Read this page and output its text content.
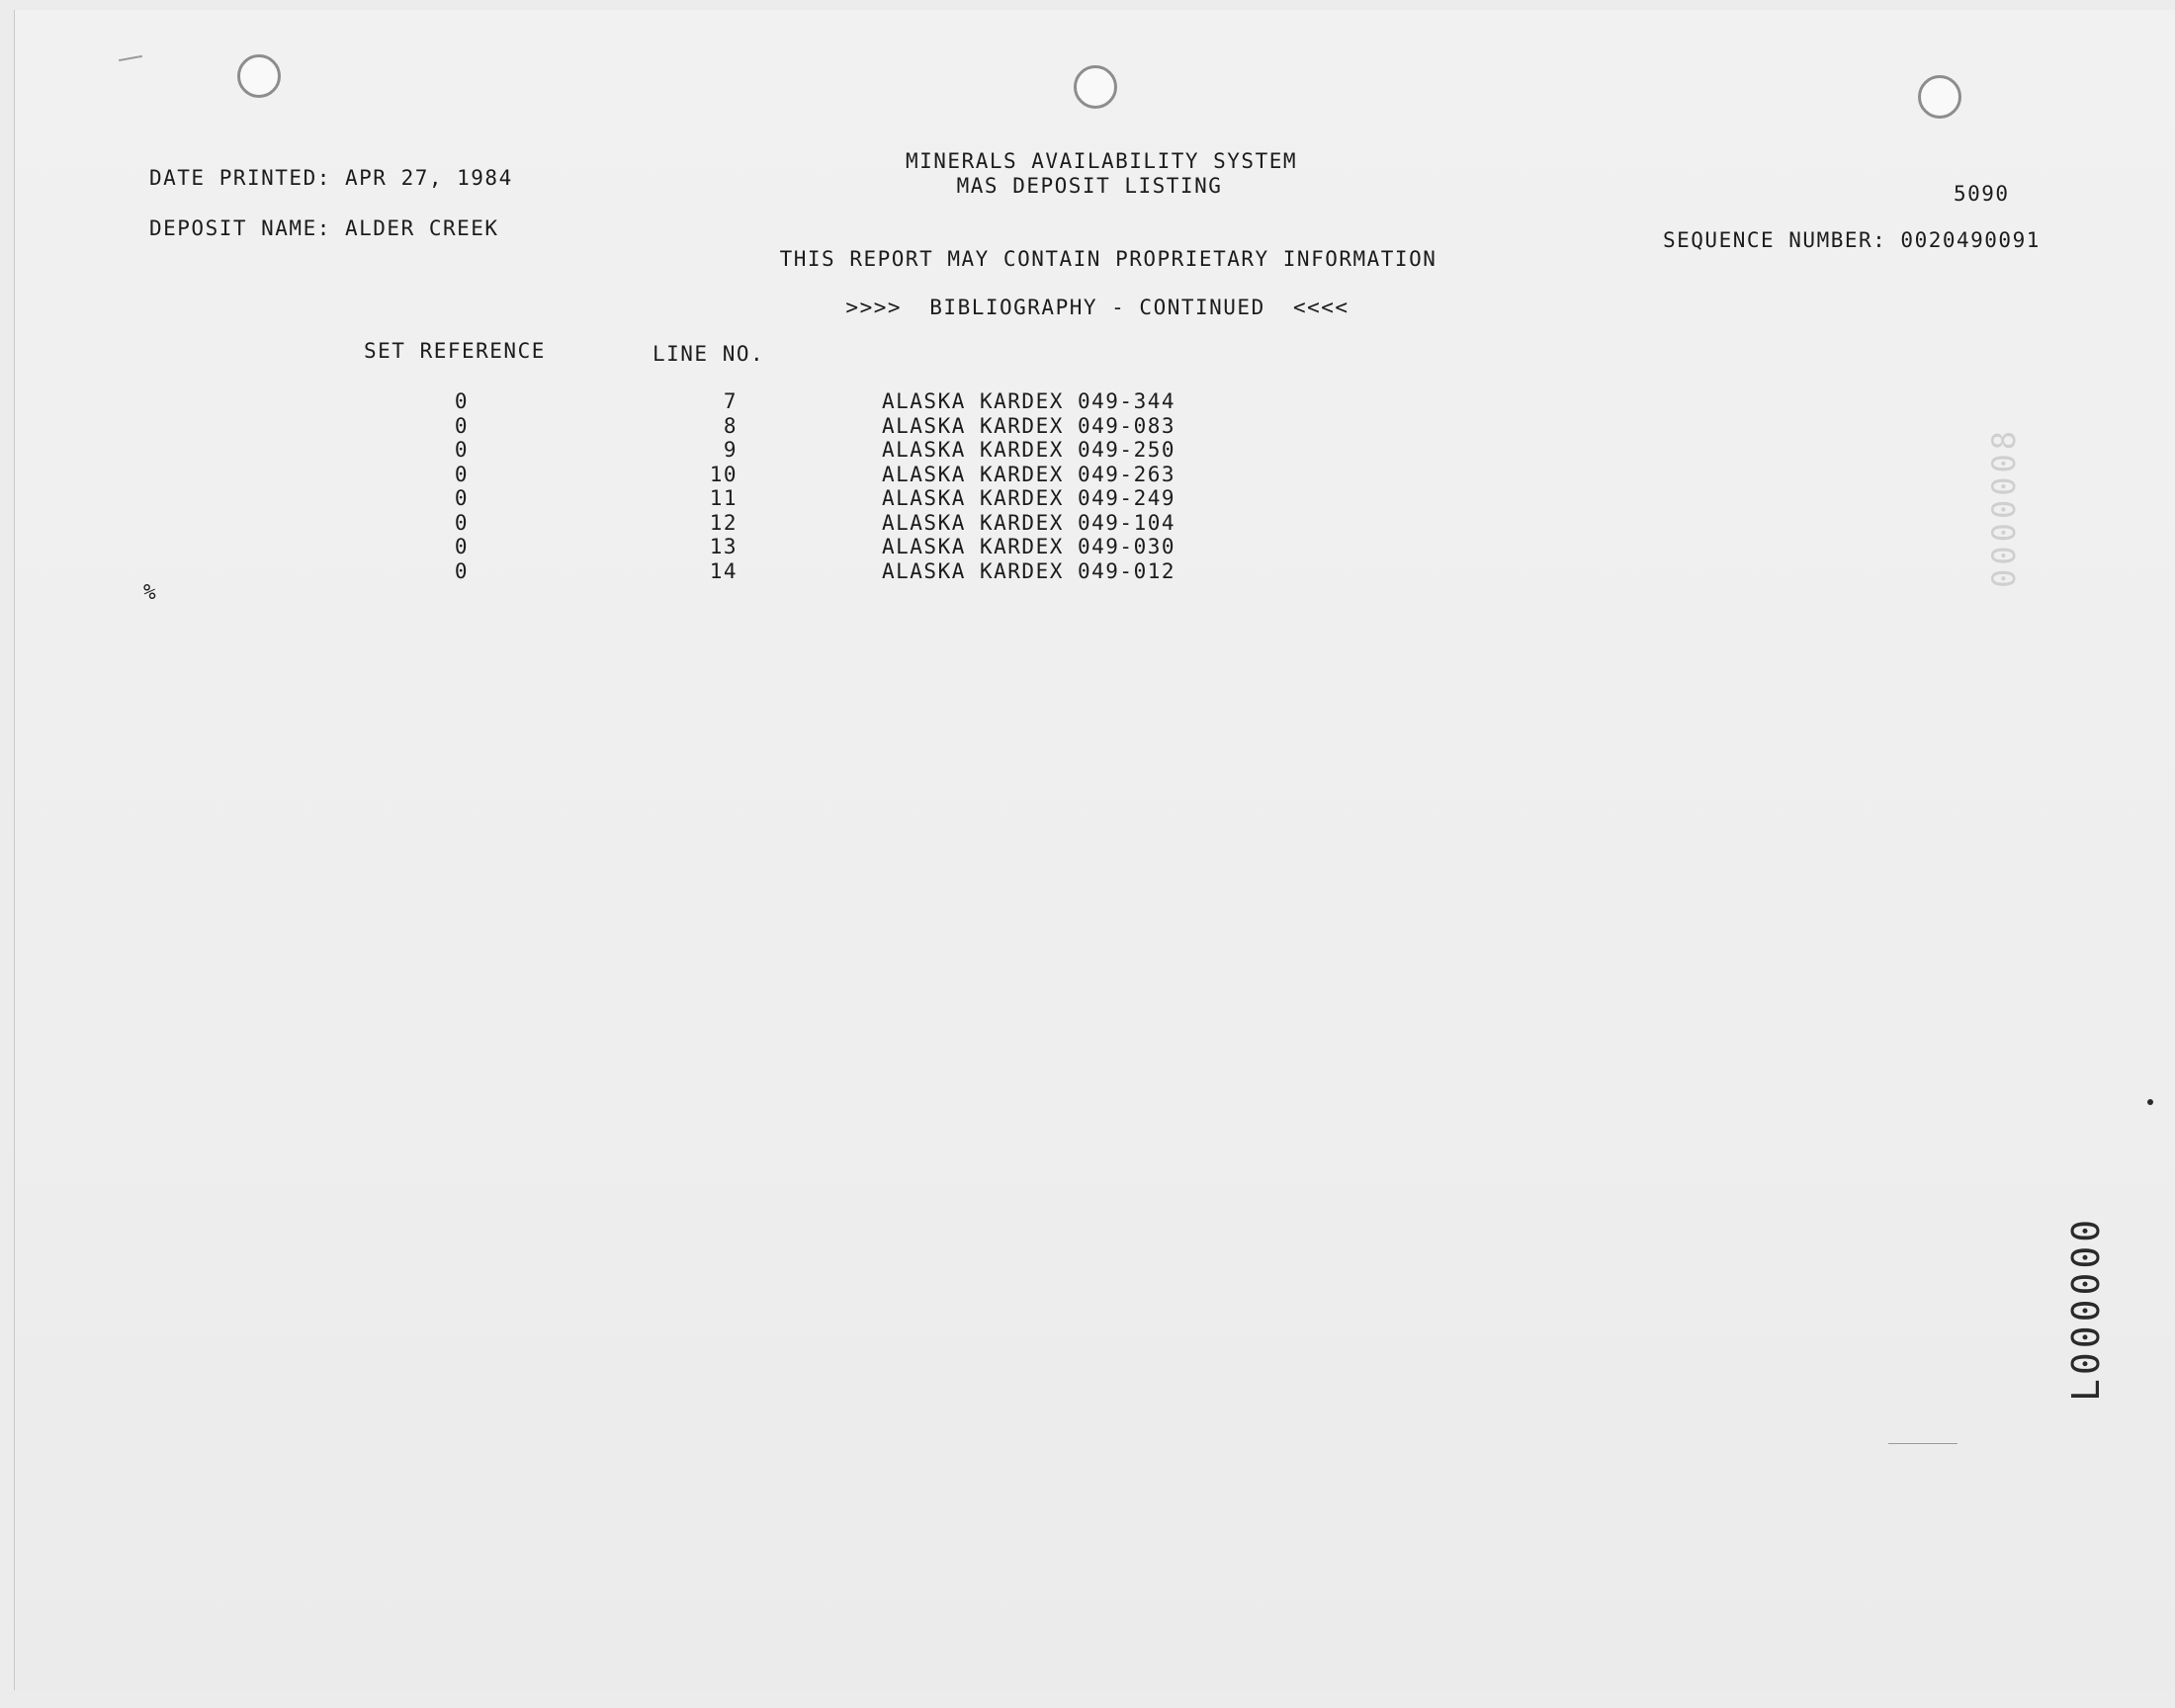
DATE PRINTED: APR 27, 1984
DEPOSIT NAME: ALDER CREEK
MINERALS AVAILABILITY SYSTEM
MAS DEPOSIT LISTING	5090
SEQUENCE NUMBER: 0020490091
THIS REPORT MAY CONTAIN PROPRIETARY INFORMATION
>>>>  BIBLIOGRAPHY - CONTINUED  <<<<
SET REFERENCE	LINE NO.
0	7	ALASKA KARDEX 049-344
0	8	ALASKA KARDEX 049-083
0	9	ALASKA KARDEX 049-250
0	10	ALASKA KARDEX 049-263
0	11	ALASKA KARDEX 049-249
0	12	ALASKA KARDEX 049-104
0	13	ALASKA KARDEX 049-030
0	14	ALASKA KARDEX 049-012
%
L000000
8000000
